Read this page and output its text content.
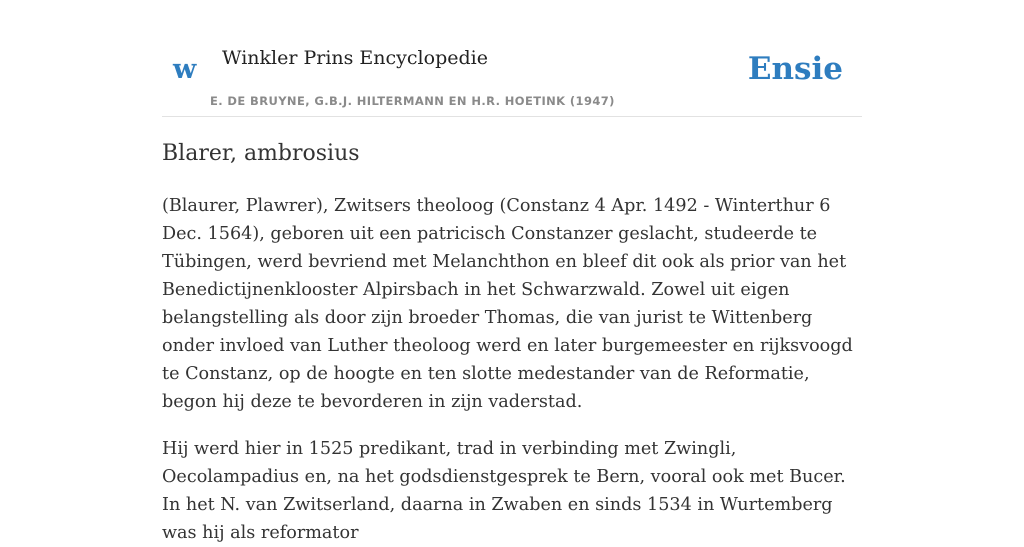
w Winkler Prins Encyclopedie
E. DE BRUYNE, G.B.J. HILTERMANN EN H.R. HOETINK (1947)
Ensie
Blarer, ambrosius

(Blaurer, Plawrer), Zwitsers theoloog (Constanz 4 Apr. 1492 - Winterthur 6 Dec. 1564), geboren uit een patricisch Constanzer geslacht, studeerde te Tübingen, werd bevriend met Melanchthon en bleef dit ook als prior van het Benedictijnenklooster Alpirsbach in het Schwarzwald. Zowel uit eigen belangstelling als door zijn broeder Thomas, die van jurist te Wittenberg onder invloed van Luther theoloog werd en later burgemeester en rijksvoogd te Constanz, op de hoogte en ten slotte medestander van de Reformatie, begon hij deze te bevorderen in zijn vaderstad.

Hij werd hier in 1525 predikant, trad in verbinding met Zwingli, Oecolampadius en, na het godsdienstgesprek te Bern, vooral ook met Bucer. In het N. van Zwitserland, daarna in Zwaben en sinds 1534 in Wurtemberg was hij als reformator
